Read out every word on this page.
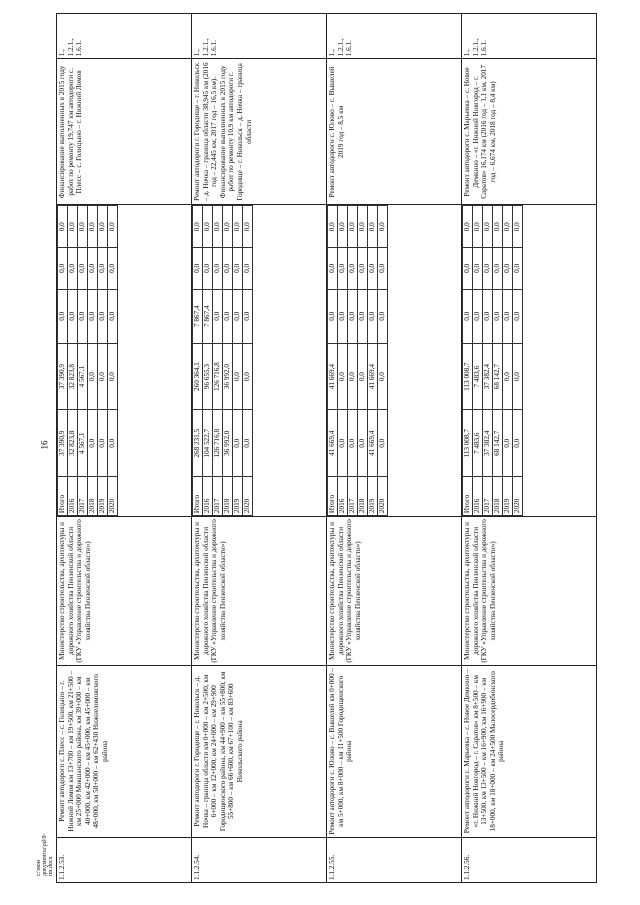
16
1.1.2.53.	Ремонт автодороги с. Плесс – с. Голицыно – г. Нижний Ломов км 13+700 – км 19+500, км 21+500 – км 25+000 Мокшанского района, км 39+000 – км 40+000, км 42+000 – км 45+000, км 45+000 – км 48+000, км 58+000 – км 62+430 Нижнеломовского района	Министерство строительства, архитектуры и дорожного хозяйства Пензенской области (ГКУ «Управление строительства и дорожного хозяйства Пензенской области»)	
Итого	37 390,9	37 390,9	0,0	0,0	0,0
2016	32 823,8	32 823,8	0,0	0,0	0,0
2017	4 567,1	4 567,1	0,0	0,0	0,0
2018	0,0	0,0	0,0	0,0	0,0
2019	0,0	0,0	0,0	0,0	0,0
2020	0,0	0,0	0,0	0,0	0,0
	Финансирование выполненных в 2015 году работ по ремонту 19,747 км автодороги с. Плесс – с. Голицыно – г. Нижний Ломов	
1., 1.2.1., 1.6.1.

1.1.2.54.	Ремонт автодороги г. Городище – г. Никольск – д. Ночка – граница области км 0+000 – км 2+500, км 6+000 – км 12+000, км 24+000 – км 29+900 Городищенского района, км 44+900 – км 55+800, км 55+800 – км 66+600, км 67+100 – км 83+600 Никольского района	Министерство строительства, архитектуры и дорожного хозяйства Пензенской области (ГКУ «Управление строительства и дорожного хозяйства Пензенской области»)	
Итого	268 231,5	260 364,1	7 867,4	0,0	0,0
2016	104 522,7	96 655,3	7 867,4	0,0	0,0
2017	126 716,8	126 716,8	0,0	0,0	0,0
2018	36 992,0	36 992,0	0,0	0,0	0,0
2019	0,0	0,0	0,0	0,0	0,0
2020	0,0	0,0	0,0	0,0	0,0
	Ремонт автодороги г. Городище – г. Никольск – д. Ночка – граница области 38,945 км (2016 год – 22,445 км, 2017 год – 16,5 км). Финансирование выполненных в 2015 году работ по ремонту 10,9 км автодороги г. Городище – г. Никольск – д. Ночка – граница области	
1., 1.2.1., 1.6.1.

1.1.2.55.	Ремонт автодороги с. Юлово – с. Вышелей км 0+000 – км 5+000, км 8+000 – км 11+500 Городищенского района	Министерство строительства, архитектуры и дорожного хозяйства Пензенской области (ГКУ «Управление строительства и дорожного хозяйства Пензенской области»)	
Итого	41 669,4	41 669,4	0,0	0,0	0,0
2016	0,0	0,0	0,0	0,0	0,0
2017	0,0	0,0	0,0	0,0	0,0
2018	0,0	0,0	0,0	0,0	0,0
2019	41 669,4	41 669,4	0,0	0,0	0,0
2020	0,0	0,0	0,0	0,0	0,0
	Ремонт автодороги с. Юлово – с. Вышелей 2019 год – 8,5 км	
1., 1.2.1., 1.6.1.

1.1.2.56.	Ремонт автодороги с. Марьевка – с. Новое Демкино – «г. Нижний Новгород – г. Саратов» км 8+500 – км 13+500, км 13+500 – км 16+900, км 16+900 – км 18+000, км 18+000 – км 24+500 Малосердобинского района	Министерство строительства, архитектуры и дорожного хозяйства Пензенской области (ГКУ «Управление строительства и дорожного хозяйства Пензенской области»)	
Итого	113 008,7	113 008,7	0,0	0,0	0,0
2016	7 483,6	7 483,6	0,0	0,0	0,0
2017	37 382,4	37 382,4	0,0	0,0	0,0
2018	68 142,7	68 142,7	0,0	0,0	0,0
2019	0,0	0,0	0,0	0,0	0,0
2020	0,0	0,0	0,0	0,0	0,0
	Ремонт автодороги с. Марьевка – с. Новое Демкино – «г. Нижний Новгород – г. Саратов» 16,174 км (2016 год – 1,1 км, 2017 год – 6,674 км, 2018 год – 8,4 км)	
1., 1.2.1., 1.6.1.
c:\мои документы\pd\9-пп.docx
